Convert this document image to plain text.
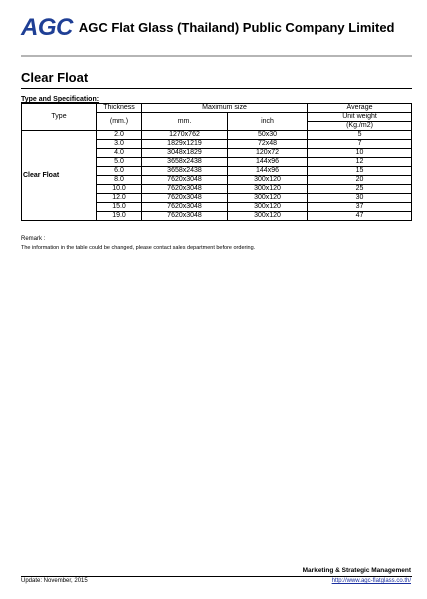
AGC AGC Flat Glass (Thailand) Public Company Limited
Clear Float
Type and Specification:
Type	Thickness	Maximum size		Average
	(mm.)	mm.	inch	Unit weight
				(Kg./m2)
Clear Float	2.0	1270x762	50x30	5
	3.0	1829x1219	72x48	7
	4.0	3048x1829	120x72	10
	5.0	3658x2438	144x96	12
	6.0	3658x2438	144x96	15
	8.0	7620x3048	300x120	20
	10.0	7620x3048	300x120	25
	12.0	7620x3048	300x120	30
	15.0	7620x3048	300x120	37
	19.0	7620x3048	300x120	47
Remark :
The information in the table could be changed, please contact sales department before ordering.
Marketing & Strategic Management
Update: November, 2015	http://www.agc-flatglass.co.th/
